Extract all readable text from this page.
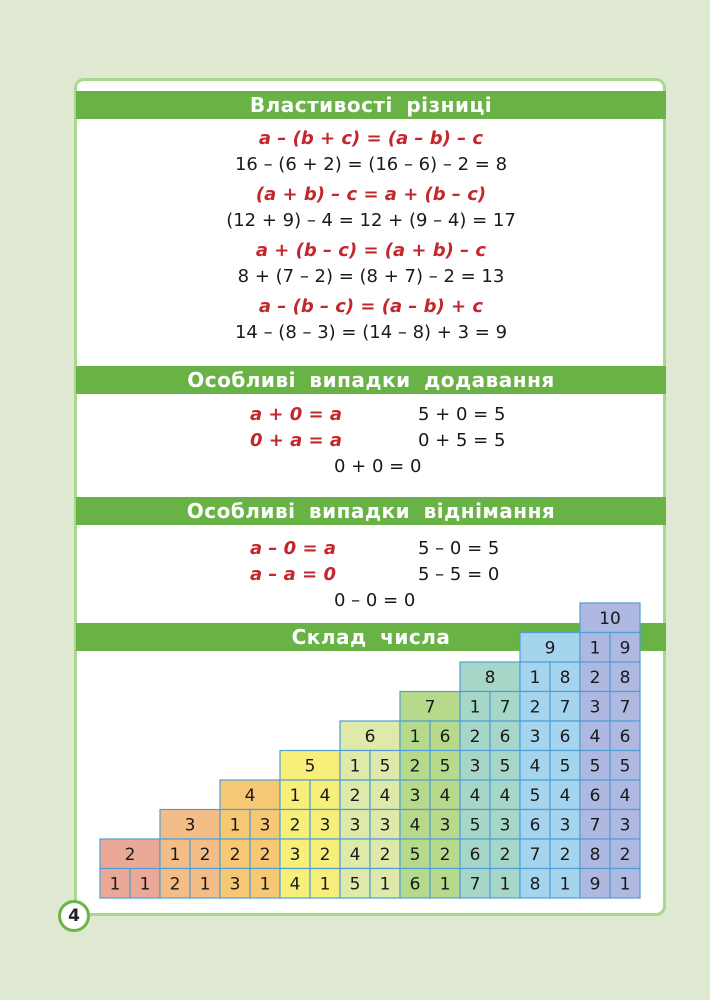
Властивості різниці
a – (b + c) = (a – b) – c
16 – (6 + 2) = (16 – 6) – 2 = 8
(a + b) – c = a + (b – c)
(12 + 9) – 4 = 12 + (9 – 4) = 17
a + (b – c) = (a + b) – c
8 + (7 – 2) = (8 + 7) – 2 = 13
a – (b – c) = (a – b) + c
14 – (8 – 3) = (14 – 8) + 3 = 9
Особливі випадки додавання
a + 0 = a
0 + a = a
5 + 0 = 5
0 + 5 = 5
0 + 0 = 0
Особливі випадки віднімання
a – 0 = a
a – a = 0
5 – 0 = 5
5 – 5 = 0
0 – 0 = 0
Склад числа
2
1 1
3
1 2
2 1
4
1 3
2 2
3 1
5
1 4
2 3
3 2
4 1
6
1 5
2 4
3 3
4 2
5 1
7
1 6
2 5
3 4
4 3
5 2
6 1
8
1 7
2 6
3 5
4 4
5 3
6 2
7 1
9
1 8
2 7
3 6
4 5
5 4
6 3
7 2
8 1
10
1 9
2 8
3 7
4 6
5 5
6 4
7 3
8 2
9 1
4
